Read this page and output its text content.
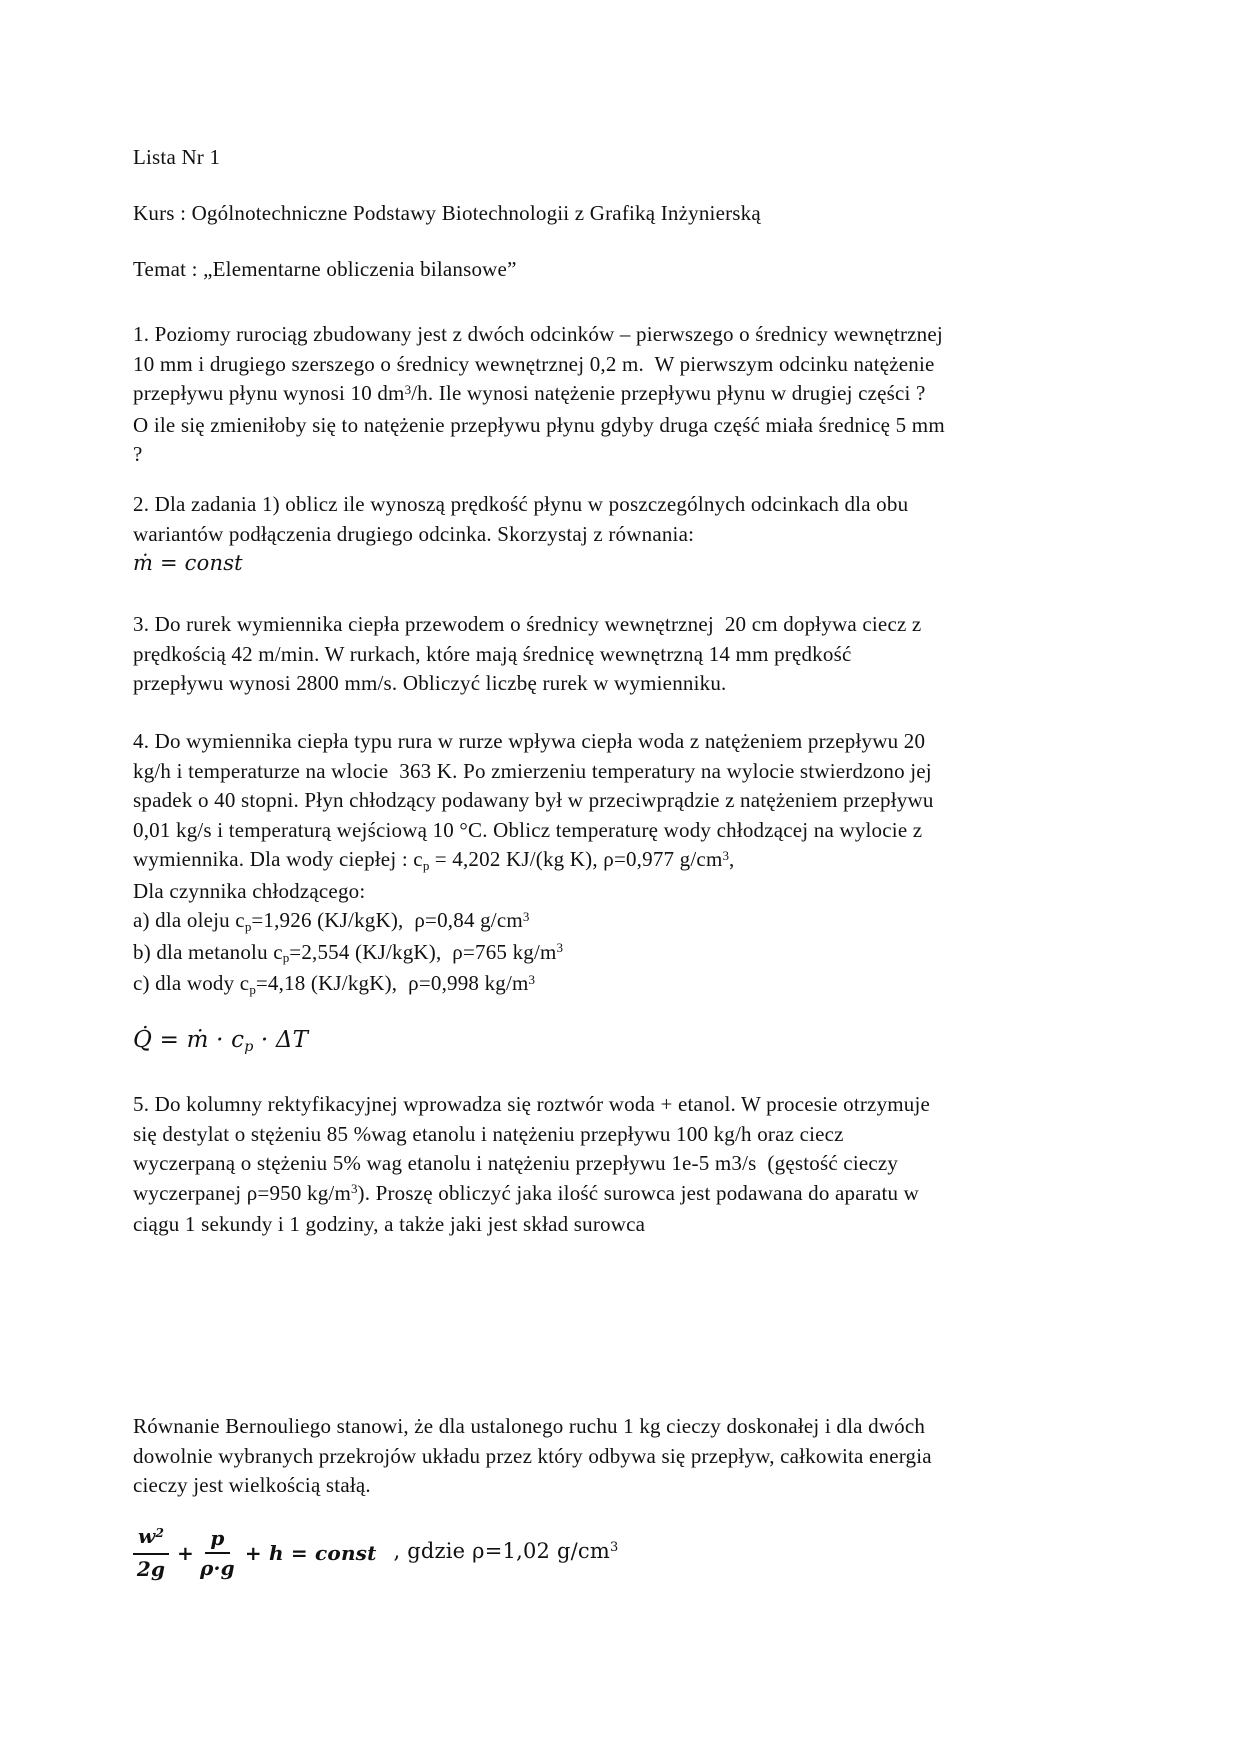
Lista Nr 1
Kurs : Ogólnotechniczne Podstawy Biotechnologii z Grafiką Inżynierską
Temat : „Elementarne obliczenia bilansowe”
1. Poziomy rurociąg zbudowany jest z dwóch odcinków – pierwszego o średnicy wewnętrznej
10 mm i drugiego szerszego o średnicy wewnętrznej 0,2 m.  W pierwszym odcinku natężenie
przepływu płynu wynosi 10 $dm^3/h$. Ile wynosi natężenie przepływu płynu w drugiej części ?
O ile się zmieniłoby się to natężenie przepływu płynu gdyby druga część miała średnicę 5 mm
?
2. Dla zadania 1) oblicz ile wynoszą prędkość płynu w poszczególnych odcinkach dla obu
wariantów podłączenia drugiego odcinka. Skorzystaj z równania:
ṁ = const
3. Do rurek wymiennika ciepła przewodem o średnicy wewnętrznej  20 cm dopływa ciecz z
prędkością 42 m/min. W rurkach, które mają średnicę wewnętrzną 14 mm prędkość
przepływu wynosi 2800 mm/s. Obliczyć liczbę rurek w wymienniku.
4. Do wymiennika ciepła typu rura w rurze wpływa ciepła woda z natężeniem przepływu 20
kg/h i temperaturze na wlocie  363 K. Po zmierzeniu temperatury na wylocie stwierdzono jej
spadek o 40 stopni. Płyn chłodzący podawany był w przeciwprądzie z natężeniem przepływu
0,01 kg/s i temperaturą wejściową 10 °C. Oblicz temperaturę wody chłodzącej na wylocie z
wymiennika. Dla wody ciepłej : cp = 4,202 KJ/(kg K), ρ=0,977 $g/cm^3$,
Dla czynnika chłodzącego:
a) dla oleju cp=1,926 (KJ/kgK),  ρ=0,84 $g/cm^3$
b) dla metanolu cp=2,554 (KJ/kgK),  ρ=765 $kg/m^3$
c) dla wody cp=4,18 (KJ/kgK),  ρ=0,998 $kg/m^3$
Q̇ = ṁ · cp · ΔT
5. Do kolumny rektyfikacyjnej wprowadza się roztwór woda + etanol. W procesie otrzymuje
się destylat o stężeniu 85 %wag etanolu i natężeniu przepływu 100 kg/h oraz ciecz
wyczerpaną o stężeniu 5% wag etanolu i natężeniu przepływu 1e-5 m3/s  (gęstość cieczy
wyczerpanej ρ=950 $kg/m^3$). Proszę obliczyć jaka ilość surowca jest podawana do aparatu w
ciągu 1 sekundy i 1 godziny, a także jaki jest skład surowca
Równanie Bernouliego stanowi, że dla ustalonego ruchu 1 kg cieczy doskonałej i dla dwóch
dowolnie wybranych przekrojów układu przez który odbywa się przepływ, całkowita energia
cieczy jest wielkością stałą.
$\frac{w^2}{2g} + \frac{p}{\rho\cdot g} + h$ = const , gdzie ρ=1,02 $g/cm^3$
